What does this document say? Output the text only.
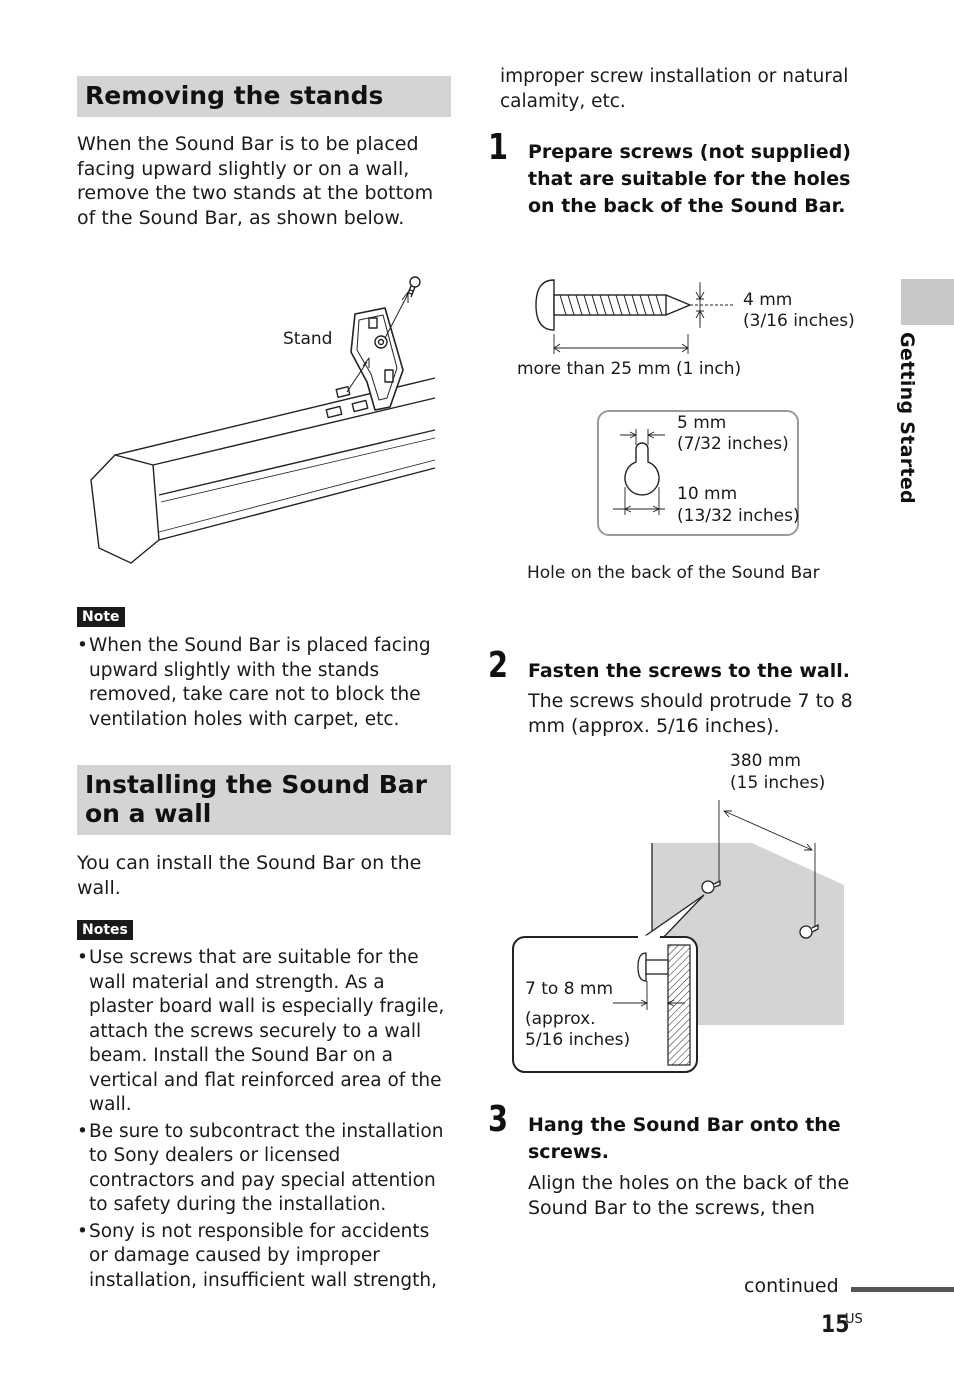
Removing the stands
When the Sound Bar is to be placed facing upward slightly or on a wall, remove the two stands at the bottom of the Sound Bar, as shown below.
Stand
Note
• When the Sound Bar is placed facing upward slightly with the stands removed, take care not to block the ventilation holes with carpet, etc.
Installing the Sound Bar on a wall
You can install the Sound Bar on the wall.
Notes
• Use screws that are suitable for the wall material and strength. As a plaster board wall is especially fragile, attach the screws securely to a wall beam. Install the Sound Bar on a vertical and flat reinforced area of the wall.
• Be sure to subcontract the installation to Sony dealers or licensed contractors and pay special attention to safety during the installation.
• Sony is not responsible for accidents or damage caused by improper installation, insufficient wall strength,
improper screw installation or natural calamity, etc.
1 Prepare screws (not supplied) that are suitable for the holes on the back of the Sound Bar.
4 mm
(3/16 inches)
more than 25 mm (1 inch)
5 mm
(7/32 inches)
10 mm
(13/32 inches)
Hole on the back of the Sound Bar
2 Fasten the screws to the wall.
The screws should protrude 7 to 8 mm (approx. 5/16 inches).
380 mm
(15 inches)
7 to 8 mm
(approx.
5/16 inches)
3 Hang the Sound Bar onto the screws.
Align the holes on the back of the Sound Bar to the screws, then
Getting Started
continued
15
US
